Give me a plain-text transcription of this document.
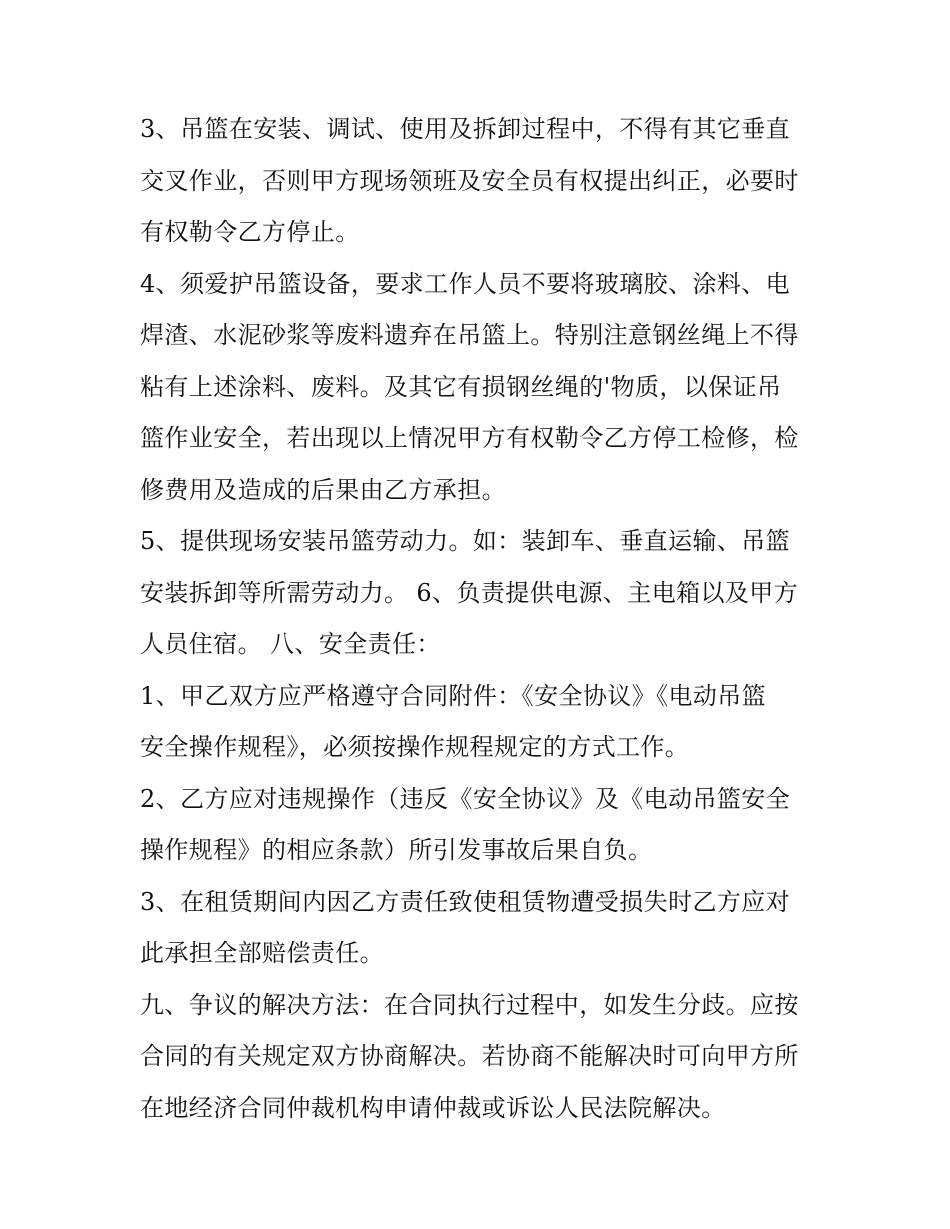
3、吊篮在安装、调试、使用及拆卸过程中，不得有其它垂直
交叉作业，否则甲方现场领班及安全员有权提出纠正，必要时
有权勒令乙方停止。
4、须爱护吊篮设备，要求工作人员不要将玻璃胶、涂料、电
焊渣、水泥砂浆等废料遗弃在吊篮上。特别注意钢丝绳上不得
粘有上述涂料、废料。及其它有损钢丝绳的'物质，以保证吊
篮作业安全，若出现以上情况甲方有权勒令乙方停工检修，检
修费用及造成的后果由乙方承担。
5、提供现场安装吊篮劳动力。如：装卸车、垂直运输、吊篮
安装拆卸等所需劳动力。 6、负责提供电源、主电箱以及甲方
人员住宿。 八、安全责任：
1、甲乙双方应严格遵守合同附件：《安全协议》《电动吊篮
安全操作规程》，必须按操作规程规定的方式工作。
2、乙方应对违规操作（违反《安全协议》及《电动吊篮安全
操作规程》的相应条款）所引发事故后果自负。
3、在租赁期间内因乙方责任致使租赁物遭受损失时乙方应对
此承担全部赔偿责任。
九、争议的解决方法：在合同执行过程中，如发生分歧。应按
合同的有关规定双方协商解决。若协商不能解决时可向甲方所
在地经济合同仲裁机构申请仲裁或诉讼人民法院解决。
